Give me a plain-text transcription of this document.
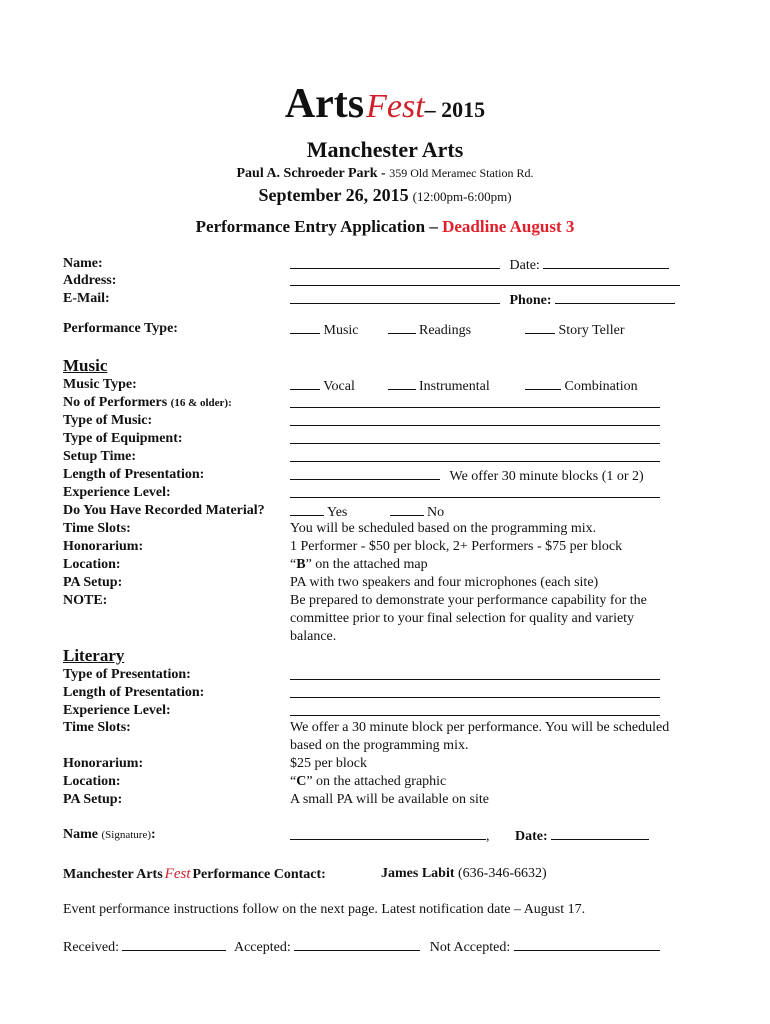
Arts Fest– 2015
Manchester Arts
Paul A. Schroeder Park - 359 Old Meramec Station Rd.
September 26, 2015 (12:00pm-6:00pm)
Performance Entry Application – Deadline August 3
Name:	Date:
Address:
E-Mail:	Phone:
Performance Type:	Music	Readings	Story Teller
Music
Music Type:	Vocal	Instrumental	Combination
No of Performers (16 & older):
Type of Music:
Type of Equipment:
Setup Time:
Length of Presentation:	We offer 30 minute blocks (1 or 2)
Experience Level:
Do You Have Recorded Material?	Yes	No
Time Slots:	You will be scheduled based on the programming mix.
Honorarium:	1 Performer - $50 per block, 2+ Performers - $75 per block
Location:	“B” on the attached map
PA Setup:	PA with two speakers and four microphones (each site)
NOTE:	Be prepared to demonstrate your performance capability for the
committee prior to your final selection for quality and variety
balance.
Literary
Type of Presentation:
Length of Presentation:
Experience Level:
Time Slots:	We offer a 30 minute block per performance. You will be scheduled
based on the programming mix.
Honorarium:	$25 per block
Location:	“C” on the attached graphic
PA Setup:	A small PA will be available on site
Name (Signature):	, Date:
Manchester Arts Fest Performance Contact:	James Labit (636-346-6632)
Event performance instructions follow on the next page. Latest notification date – August 17.
Received:	Accepted:	Not Accepted:
